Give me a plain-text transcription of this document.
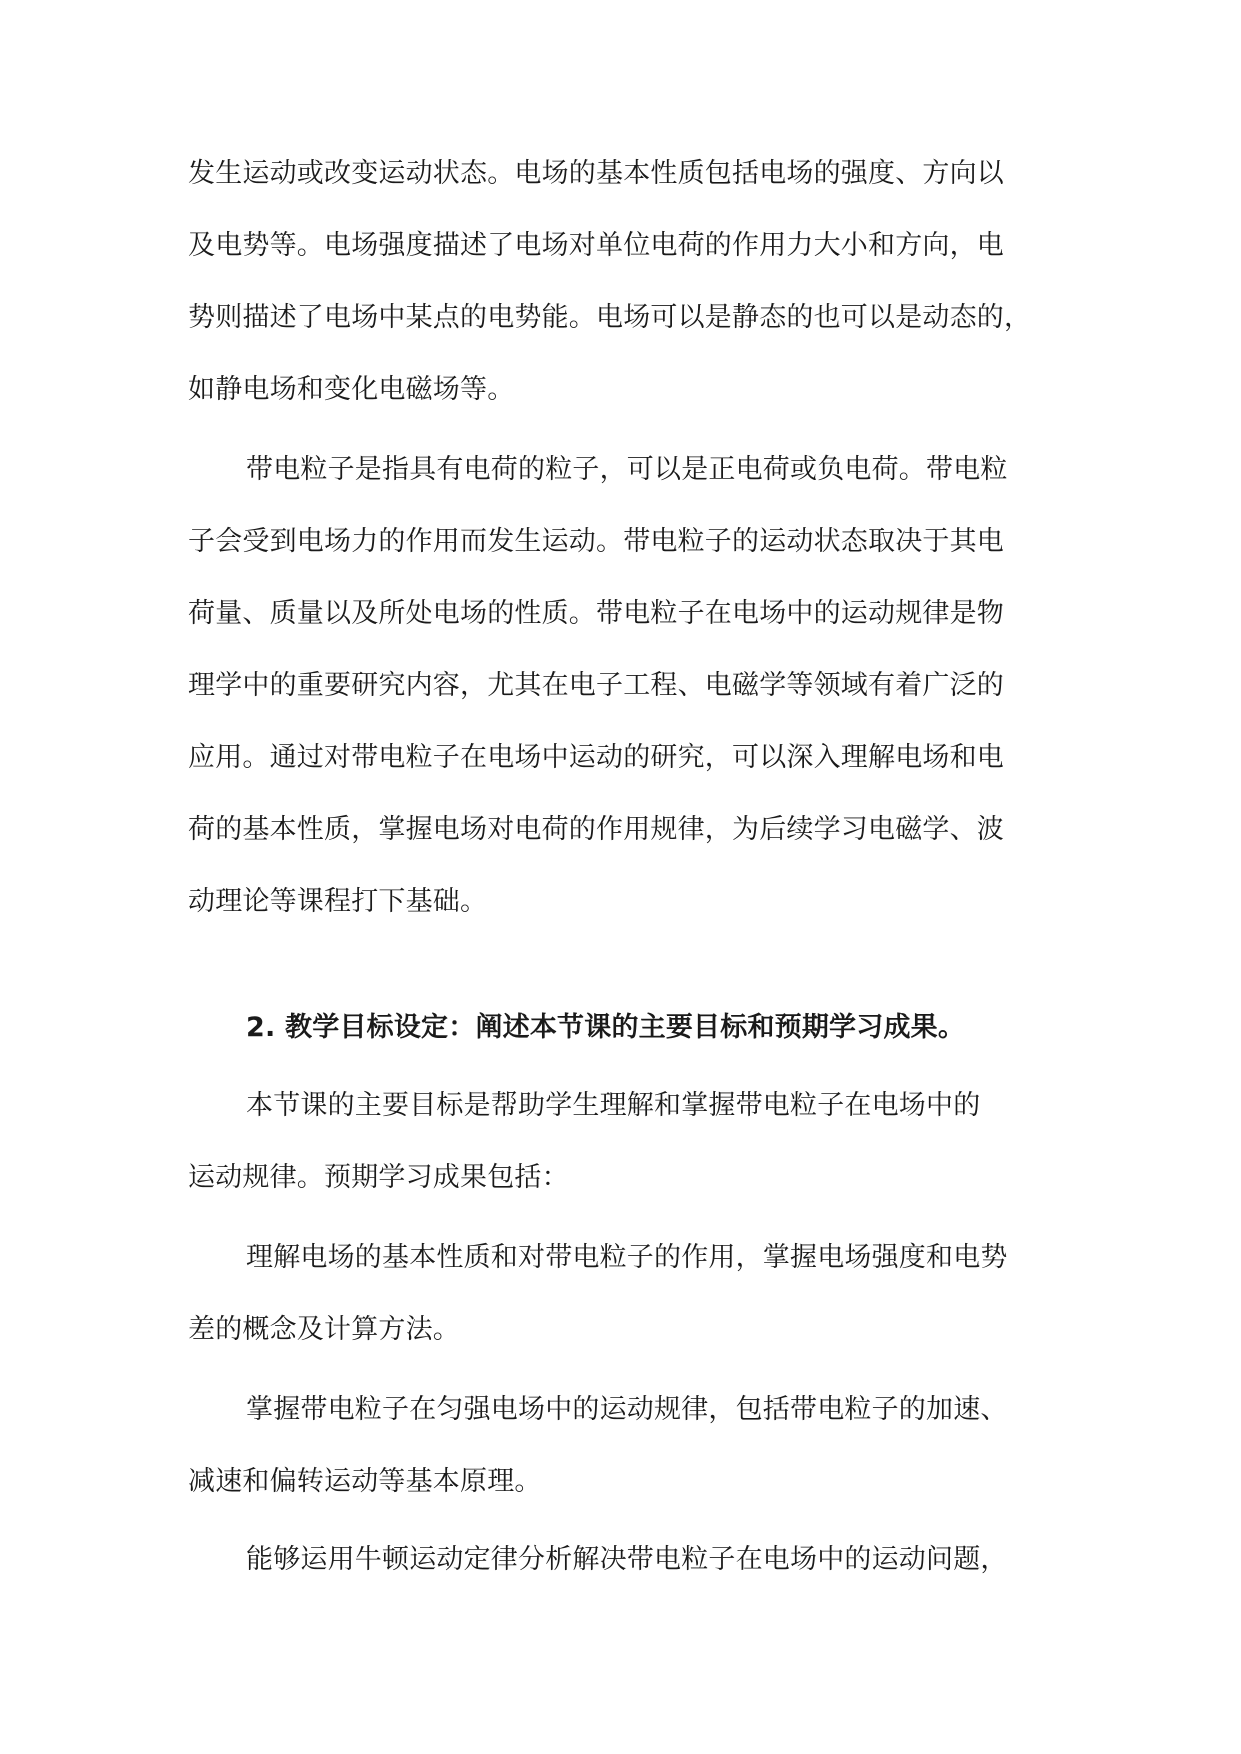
发生运动或改变运动状态。电场的基本性质包括电场的强度、方向以
及电势等。电场强度描述了电场对单位电荷的作用力大小和方向，电
势则描述了电场中某点的电势能。电场可以是静态的也可以是动态的，
如静电场和变化电磁场等。
带电粒子是指具有电荷的粒子，可以是正电荷或负电荷。带电粒
子会受到电场力的作用而发生运动。带电粒子的运动状态取决于其电
荷量、质量以及所处电场的性质。带电粒子在电场中的运动规律是物
理学中的重要研究内容，尤其在电子工程、电磁学等领域有着广泛的
应用。通过对带电粒子在电场中运动的研究，可以深入理解电场和电
荷的基本性质，掌握电场对电荷的作用规律，为后续学习电磁学、波
动理论等课程打下基础。
2. 教学目标设定：阐述本节课的主要目标和预期学习成果。
本节课的主要目标是帮助学生理解和掌握带电粒子在电场中的
运动规律。预期学习成果包括：
理解电场的基本性质和对带电粒子的作用，掌握电场强度和电势
差的概念及计算方法。
掌握带电粒子在匀强电场中的运动规律，包括带电粒子的加速、
减速和偏转运动等基本原理。
能够运用牛顿运动定律分析解决带电粒子在电场中的运动问题，
